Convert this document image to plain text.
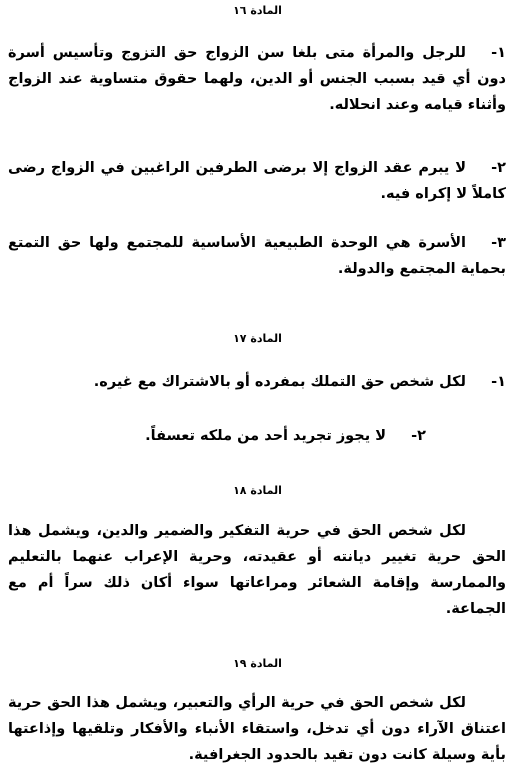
المادة ١٦

١-للرجل والمرأة متى بلغا سن الزواج حق التزوج وتأسيس أسرة دون أي قيد بسبب الجنس أو الدين، ولهما حقوق متساوية عند الزواج وأثناء قيامه وعند انحلاله.

٢-لا يبرم عقد الزواج إلا برضى الطرفين الراغبين في الزواج رضى كاملاً لا إكراه فيه.

٣-الأسرة هي الوحدة الطبيعية الأساسية للمجتمع ولها حق التمتع بحماية المجتمع والدولة.

المادة ١٧

١-لكل شخص حق التملك بمفرده أو بالاشتراك مع غيره.

٢-لا يجوز تجريد أحد من ملكه تعسفاً.

المادة ١٨

لكل شخص الحق في حرية التفكير والضمير والدين، ويشمل هذا الحق حرية تغيير ديانته أو عقيدته، وحرية الإعراب عنهما بالتعليم والممارسة وإقامة الشعائر ومراعاتها سواء أكان ذلك سراً أم مع الجماعة.

المادة ١٩

لكل شخص الحق في حرية الرأي والتعبير، ويشمل هذا الحق حرية اعتناق الآراء دون أي تدخل، واستقاء الأنباء والأفكار وتلقيها وإذاعتها بأية وسيلة كانت دون تقيد بالحدود الجغرافية.
